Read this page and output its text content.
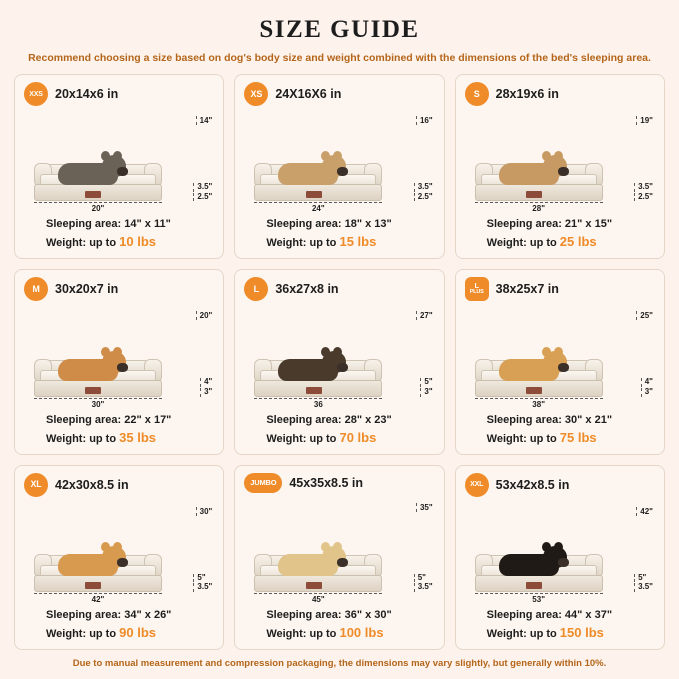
SIZE GUIDE
Recommend choosing a size based on dog's body size and weight combined with the dimensions of the bed's sleeping area.
XXS 20x14x6 in
14"
3.5"
2.5"
20"
Sleeping area: 14" x 11"
Weight: up to 10 lbs
XS	24X16X6 in
16"
3.5"
2.5"
24"
Sleeping area: 18" x 13"
Weight: up to 15 lbs
S	28x19x6 in
19"
3.5"
2.5"
28"
Sleeping area: 21" x 15"
Weight: up to 25 lbs
M	30x20x7 in
20"
4"
3"
30"
Sleeping area: 22" x 17"
Weight: up to 35 lbs
L	36x27x8 in
27"
5"
3"
36
Sleeping area: 28" x 23"
Weight: up to 70 lbs
L
PLUS 38x25x7 in
25"
4"
3"
38"
Sleeping area: 30" x 21"
Weight: up to 75 lbs
XL	42x30x8.5 in
30"
5"
3.5"
42"
Sleeping area: 34" x 26"
Weight: up to 90 lbs
JUMBO	45x35x8.5 in
35"
5"
3.5"
45"
Sleeping area: 36" x 30"
Weight: up to 100 lbs
XXL	53x42x8.5 in
42"
5"
3.5"
53"
Sleeping area: 44" x 37"
Weight: up to 150 lbs
Due to manual measurement and compression packaging, the dimensions may vary slightly, but generally within 10%.
